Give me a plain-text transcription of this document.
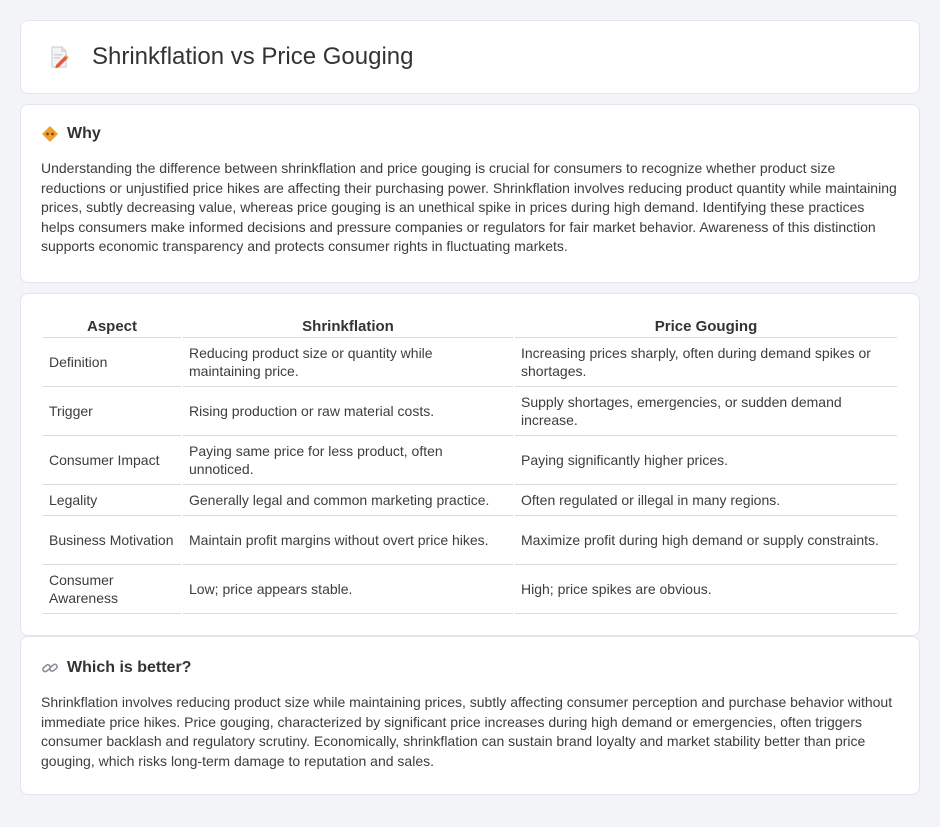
Shrinkflation vs Price Gouging
Why

Understanding the difference between shrinkflation and price gouging is crucial for consumers to recognize whether product size reductions or unjustified price hikes are affecting their purchasing power. Shrinkflation involves reducing product quantity while maintaining prices, subtly decreasing value, whereas price gouging is an unethical spike in prices during high demand. Identifying these practices helps consumers make informed decisions and pressure companies or regulators for fair market behavior. Awareness of this distinction supports economic transparency and protects consumer rights in fluctuating markets.

Aspect	Shrinkflation	Price Gouging
Definition	Reducing product size or quantity while maintaining price.	Increasing prices sharply, often during demand spikes or shortages.
Trigger	Rising production or raw material costs.	Supply shortages, emergencies, or sudden demand increase.
Consumer Impact	Paying same price for less product, often unnoticed.	Paying significantly higher prices.
Legality	Generally legal and common marketing practice.	Often regulated or illegal in many regions.
Business Motivation	Maintain profit margins without overt price hikes.	Maximize profit during high demand or supply constraints.
Consumer Awareness	Low; price appears stable.	High; price spikes are obvious.
Which is better?

Shrinkflation involves reducing product size while maintaining prices, subtly affecting consumer perception and purchase behavior without immediate price hikes. Price gouging, characterized by significant price increases during high demand or emergencies, often triggers consumer backlash and regulatory scrutiny. Economically, shrinkflation can sustain brand loyalty and market stability better than price gouging, which risks long-term damage to reputation and sales.
